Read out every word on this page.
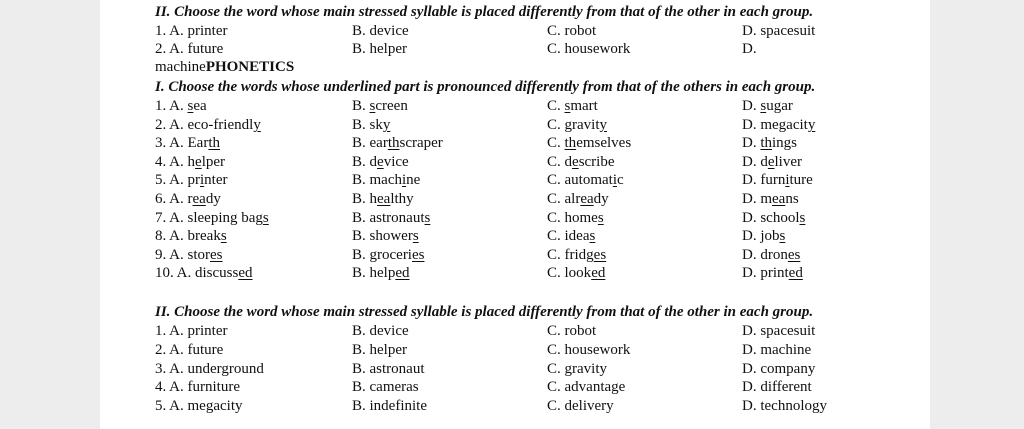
II. Choose the word whose main stressed syllable is placed differently from that of the other in each group.
1. A. printer	B. device	C. robot	D. spacesuit
2. A. future	B. helper	C. housework	D.
machinePHONETICS
I. Choose the words whose underlined part is pronounced differently from that of the others in each group.
1. A. sea	B. screen	C. smart	D. sugar
2. A. eco-friendly	B. sky	C. gravity	D. megacity
3. A. Earth	B. earthscraper	C. themselves	D. things
4. A. helper	B. device	C. describe	D. deliver
5. A. printer	B. machine	C. automatic	D. furniture
6. A. ready	B. healthy	C. already	D. means
7. A. sleeping bags	B. astronauts	C. homes	D. schools
8. A. breaks	B. showers	C. ideas	D. jobs
9. A. stores	B. groceries	C. fridges	D. drones
10. A. discussed	B. helped	C. looked	D. printed
II. Choose the word whose main stressed syllable is placed differently from that of the other in each group.
1. A. printer	B. device	C. robot	D. spacesuit
2. A. future	B. helper	C. housework	D. machine
3. A. underground	B. astronaut	C. gravity	D. company
4. A. furniture	B. cameras	C. advantage	D. different
5. A. megacity	B. indefinite	C. delivery	D. technology
